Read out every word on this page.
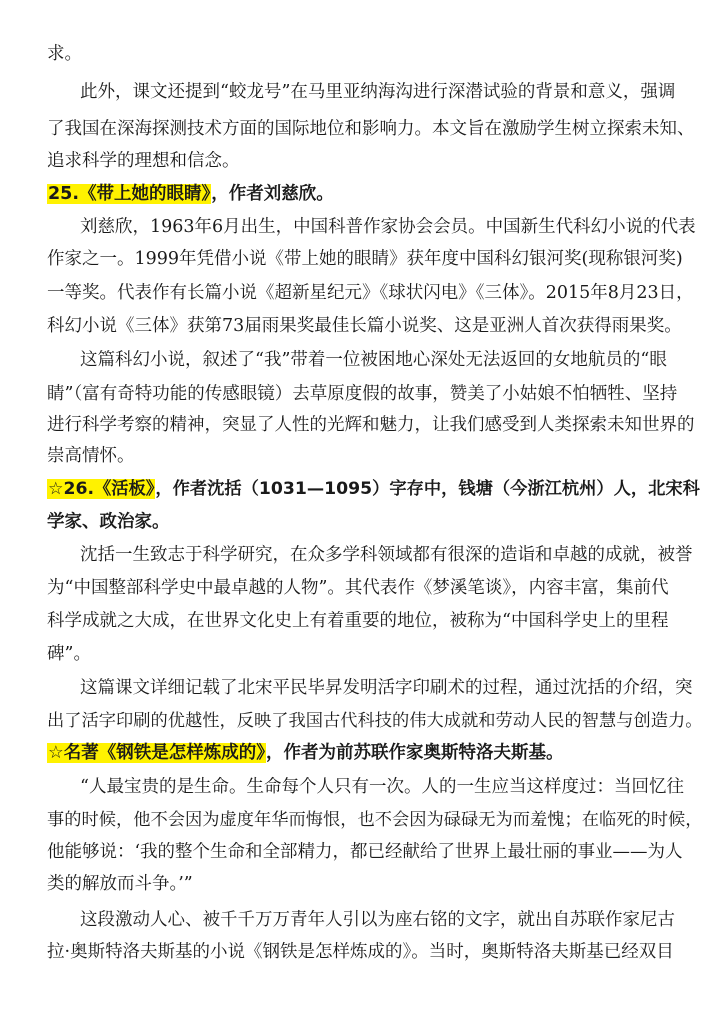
求。
此外，课文还提到“蛟龙号”在马里亚纳海沟进行深潜试验的背景和意义，强调
了我国在深海探测技术方面的国际地位和影响力。本文旨在激励学生树立探索未知、
追求科学的理想和信念。
25.《带上她的眼睛》，作者刘慈欣。
刘慈欣，1963年6月出生，中国科普作家协会会员。中国新生代科幻小说的代表
作家之一。1999年凭借小说《带上她的眼睛》获年度中国科幻银河奖(现称银河奖)
一等奖。代表作有长篇小说《超新星纪元》《球状闪电》《三体》。2015年8月23日，
科幻小说《三体》获第73届雨果奖最佳长篇小说奖、这是亚洲人首次获得雨果奖。
这篇科幻小说，叙述了“我”带着一位被困地心深处无法返回的女地航员的“眼
睛”（富有奇特功能的传感眼镜）去草原度假的故事，赞美了小姑娘不怕牺牲、坚持
进行科学考察的精神，突显了人性的光辉和魅力，让我们感受到人类探索未知世界的
崇高情怀。
☆26.《活板》，作者沈括（1031—1095）字存中，钱塘（今浙江杭州）人，北宋科
学家、政治家。
沈括一生致志于科学研究，在众多学科领域都有很深的造诣和卓越的成就，被誉
为“中国整部科学史中最卓越的人物”。其代表作《梦溪笔谈》，内容丰富，集前代
科学成就之大成，在世界文化史上有着重要的地位，被称为“中国科学史上的里程
碑”。
这篇课文详细记载了北宋平民毕昇发明活字印刷术的过程，通过沈括的介绍，突
出了活字印刷的优越性，反映了我国古代科技的伟大成就和劳动人民的智慧与创造力。
☆名著《钢铁是怎样炼成的》，作者为前苏联作家奥斯特洛夫斯基。
“人最宝贵的是生命。生命每个人只有一次。人的一生应当这样度过：当回忆往
事的时候，他不会因为虚度年华而悔恨，也不会因为碌碌无为而羞愧；在临死的时候，
他能够说：‘我的整个生命和全部精力，都已经献给了世界上最壮丽的事业——为人
类的解放而斗争。’”
这段激动人心、被千千万万青年人引以为座右铭的文字，就出自苏联作家尼古
拉·奥斯特洛夫斯基的小说《钢铁是怎样炼成的》。当时，奥斯特洛夫斯基已经双目
